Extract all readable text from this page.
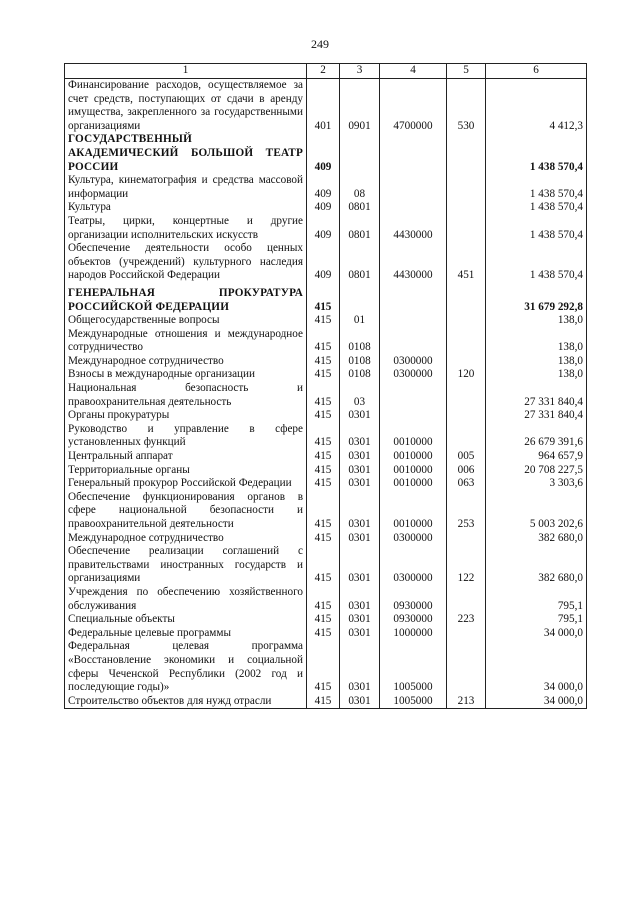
249
1	2	3	4	5	6
Финансирование расходов, осуществляемое за счет средств, поступающих от сдачи в аренду имущества, закрепленного за государственными организациями	401	0901	4700000	530	4 412,3
ГОСУДАРСТВЕННЫЙ АКАДЕМИЧЕСКИЙ БОЛЬШОЙ ТЕАТР РОССИИ	409				1 438 570,4
Культура, кинематография и средства массовой информации	409	08			1 438 570,4
Культура	409	0801			1 438 570,4
Театры, цирки, концертные и другие организации исполнительских искусств	409	0801	4430000		1 438 570,4
Обеспечение деятельности особо ценных объектов (учреждений) культурного наследия народов Российской Федерации	409	0801	4430000	451	1 438 570,4
ГЕНЕРАЛЬНАЯ ПРОКУРАТУРА РОССИЙСКОЙ ФЕДЕРАЦИИ	415				31 679 292,8
Общегосударственные вопросы	415	01			138,0
Международные отношения и международное сотрудничество	415	0108			138,0
Международное сотрудничество	415	0108	0300000		138,0
Взносы в международные организации	415	0108	0300000	120	138,0
Национальная безопасность и правоохранительная деятельность	415	03			27 331 840,4
Органы прокуратуры	415	0301			27 331 840,4
Руководство и управление в сфере установленных функций	415	0301	0010000		26 679 391,6
Центральный аппарат	415	0301	0010000	005	964 657,9
Территориальные органы	415	0301	0010000	006	20 708 227,5
Генеральный прокурор Российской Федерации	415	0301	0010000	063	3 303,6
Обеспечение функционирования органов в сфере национальной безопасности и правоохранительной деятельности	415	0301	0010000	253	5 003 202,6
Международное сотрудничество	415	0301	0300000		382 680,0
Обеспечение реализации соглашений с правительствами иностранных государств и организациями	415	0301	0300000	122	382 680,0
Учреждения по обеспечению хозяйственного обслуживания	415	0301	0930000		795,1
Специальные объекты	415	0301	0930000	223	795,1
Федеральные целевые программы	415	0301	1000000		34 000,0
Федеральная целевая программа «Восстановление экономики и социальной сферы Чеченской Республики (2002 год и последующие годы)»	415	0301	1005000		34 000,0
Строительство объектов для нужд отрасли	415	0301	1005000	213	34 000,0
